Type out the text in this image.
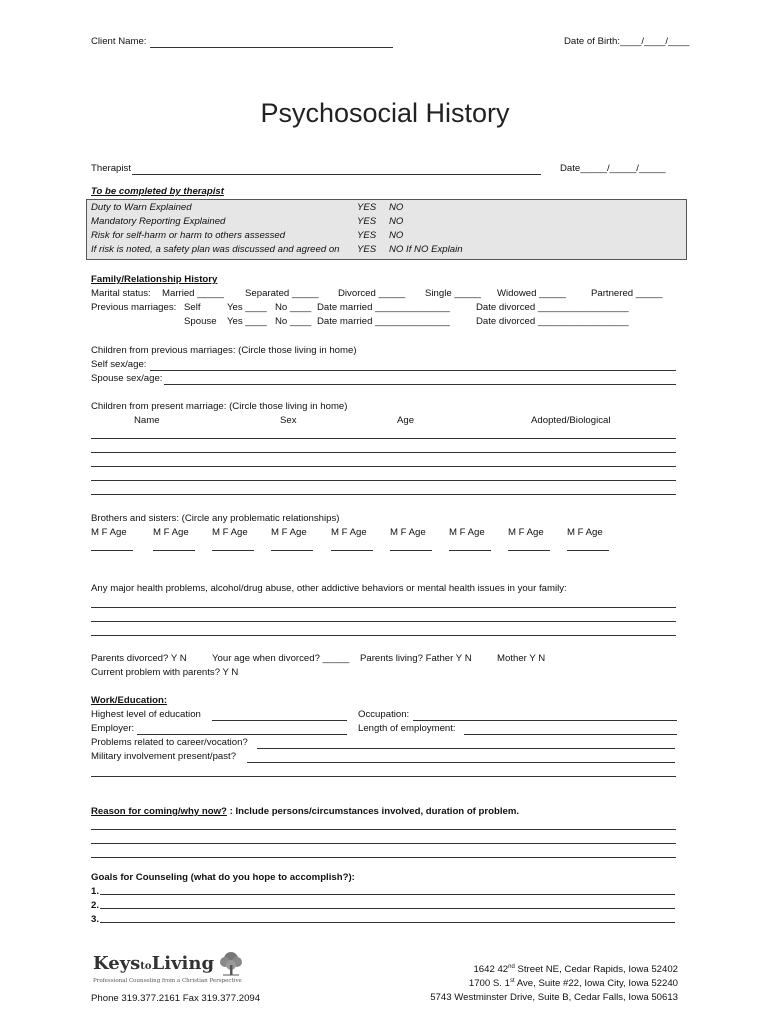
Client Name:	Date of Birth:____/____/____
Psychosocial History
Therapist	Date_____/_____/_____
To be completed by therapist
Duty to Warn Explained	YES NO
Mandatory Reporting Explained	YES NO
Risk for self-harm or harm to others assessed	YES NO
If risk is noted, a safety plan was discussed and agreed on YES NO If NO Explain
Family/Relationship History
Marital status: Married _____ Separated _____ Divorced _____ Single _____ Widowed _____	Partnered _____
Previous marriages: Self	Yes ____ No ____ Date married ______________	Date divorced _________________
Spouse Yes ____ No ____ Date married ______________	Date divorced _________________
Children from previous marriages: (Circle those living in home)
Self sex/age:
Spouse sex/age:
Children from present marriage: (Circle those living in home)
Name	Sex	Age	Adopted/Biological
Brothers and sisters: (Circle any problematic relationships)
M F Age	M F Age M F Age M F Age	M F Age M F Age M F Age M F Age M F Age
Any major health problems, alcohol/drug abuse, other addictive behaviors or mental health issues in your family:
Parents divorced? Y N	Your age when divorced? _____ Parents living? Father Y N	Mother Y N
Current problem with parents? Y N
Work/Education:
Highest level of education	Occupation:
Employer:	Length of employment:
Problems related to career/vocation?
Military involvement present/past?
Reason for coming/why now? : Include persons/circumstances involved, duration of problem.
Goals for Counseling (what do you hope to accomplish?):
1.
2.
3.
KeystoLiving
Professional Counseling from a Christian Perspective
Phone 319.377.2161 Fax 319.377.2094
1642 42nd Street NE, Cedar Rapids, Iowa 52402
1700 S. 1st Ave, Suite #22, Iowa City, Iowa 52240
5743 Westminster Drive, Suite B, Cedar Falls, Iowa 50613
